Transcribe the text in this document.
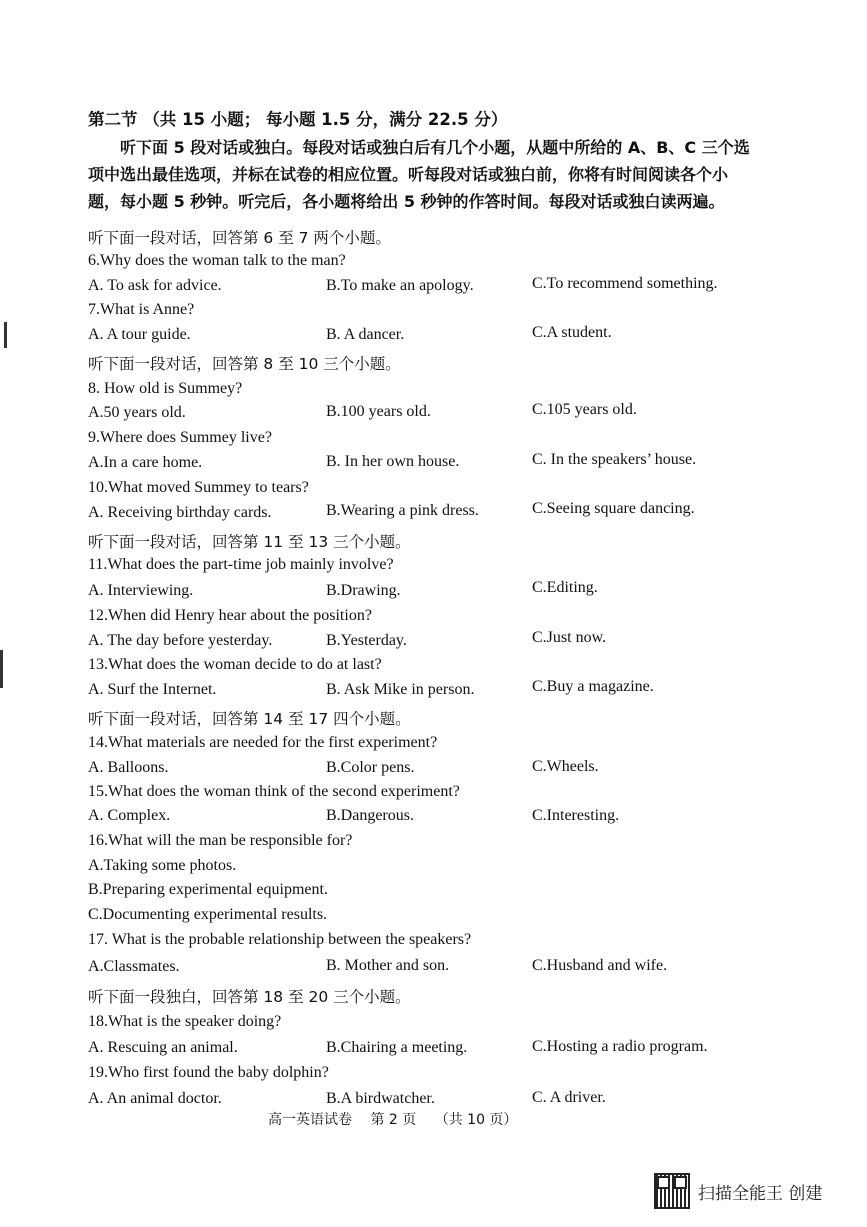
第二节 （共 15 小题； 每小题 1.5 分，满分 22.5 分）
听下面 5 段对话或独白。每段对话或独白后有几个小题，从题中所给的 A、B、C 三个选
项中选出最佳选项，并标在试卷的相应位置。听每段对话或独白前，你将有时间阅读各个小
题，每小题 5 秒钟。听完后，各小题将给出 5 秒钟的作答时间。每段对话或独白读两遍。
听下面一段对话，回答第 6 至 7 两个小题。
6.Why does the woman talk to the man?
A. To ask for advice.	B.To make an apology.	C.To recommend something.
7.What is Anne?
A. A tour guide.	B. A dancer.	C.A student.
听下面一段对话，回答第 8 至 10 三个小题。
8. How old is Summey?
A.50 years old.	B.100 years old.	C.105 years old.
9.Where does Summey live?
A.In a care home.	B. In her own house.	C. In the speakers’ house.
10.What moved Summey to tears?
A. Receiving birthday cards.	B.Wearing a pink dress.	C.Seeing square dancing.
听下面一段对话，回答第 11 至 13 三个小题。
11.What does the part-time job mainly involve?
A. Interviewing.	B.Drawing.	C.Editing.
12.When did Henry hear about the position?
A. The day before yesterday.	B.Yesterday.	C.Just now.
13.What does the woman decide to do at last?
A. Surf the Internet.	B. Ask Mike in person.	C.Buy a magazine.
听下面一段对话，回答第 14 至 17 四个小题。
14.What materials are needed for the first experiment?
A. Balloons.	B.Color pens.	C.Wheels.
15.What does the woman think of the second experiment?
A. Complex.	B.Dangerous.	C.Interesting.
16.What will the man be responsible for?
A.Taking some photos.
B.Preparing experimental equipment.
C.Documenting experimental results.
17. What is the probable relationship between the speakers?
A.Classmates.	B. Mother and son.	C.Husband and wife.
听下面一段独白，回答第 18 至 20 三个小题。
18.What is the speaker doing?
A. Rescuing an animal.	B.Chairing a meeting.	C.Hosting a radio program.
19.Who first found the baby dolphin?
A. An animal doctor.	B.A birdwatcher.	C. A driver.
高一英语试卷 第 2 页 （共 10 页）
扫描全能王 创建
